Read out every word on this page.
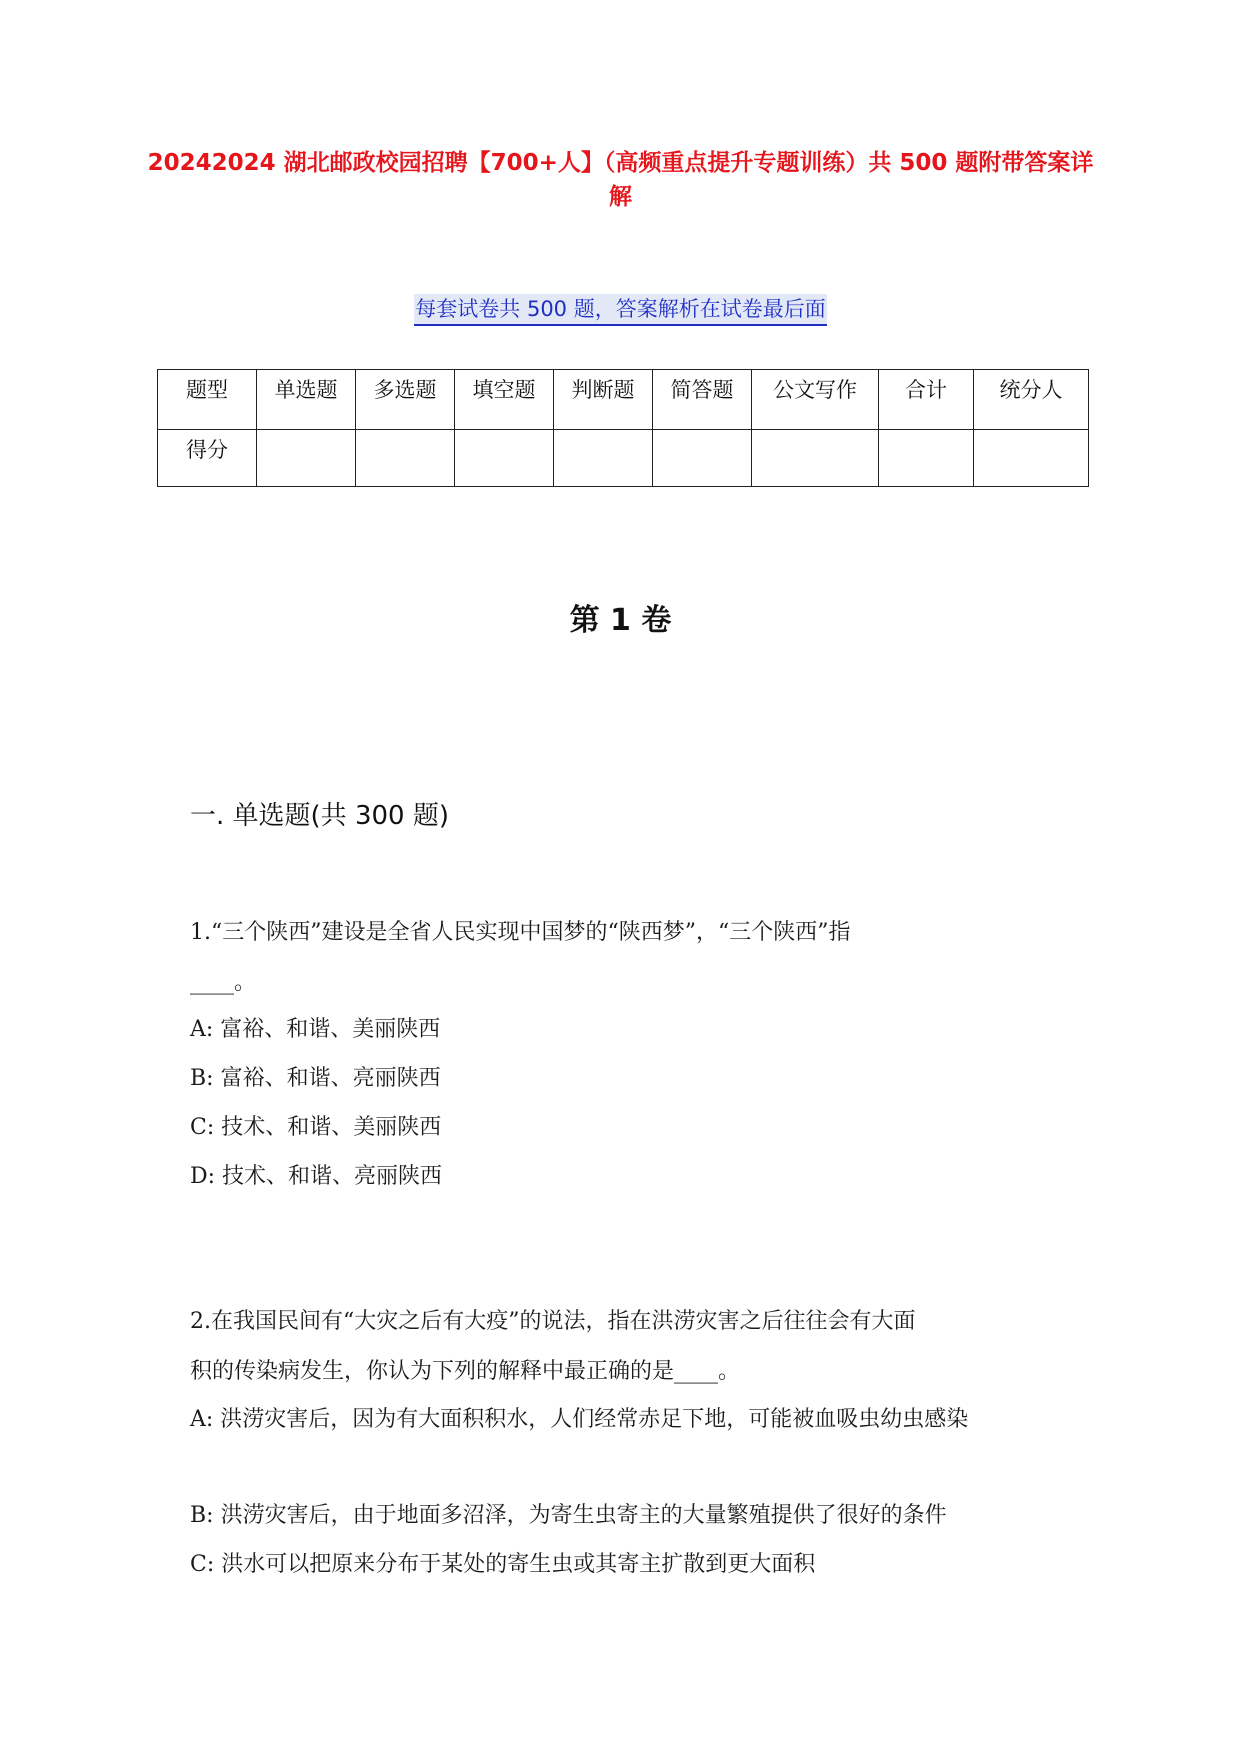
20242024 湖北邮政校园招聘【700+人】（高频重点提升专题训练）共 500 题附带答案详解
每套试卷共 500 题，答案解析在试卷最后面
题型	单选题	多选题	填空题	判断题	简答题	公文写作	合计	统分人
得分								
第 1 卷
一. 单选题(共 300 题)
1.“三个陕西”建设是全省人民实现中国梦的“陕西梦”，“三个陕西”指
____。
A: 富裕、和谐、美丽陕西
B: 富裕、和谐、亮丽陕西
C: 技术、和谐、美丽陕西
D: 技术、和谐、亮丽陕西
2.在我国民间有“大灾之后有大疫”的说法，指在洪涝灾害之后往往会有大面
积的传染病发生，你认为下列的解释中最正确的是____。
A: 洪涝灾害后，因为有大面积积水，人们经常赤足下地，可能被血吸虫幼虫感染
B: 洪涝灾害后，由于地面多沼泽，为寄生虫寄主的大量繁殖提供了很好的条件
C: 洪水可以把原来分布于某处的寄生虫或其寄主扩散到更大面积
